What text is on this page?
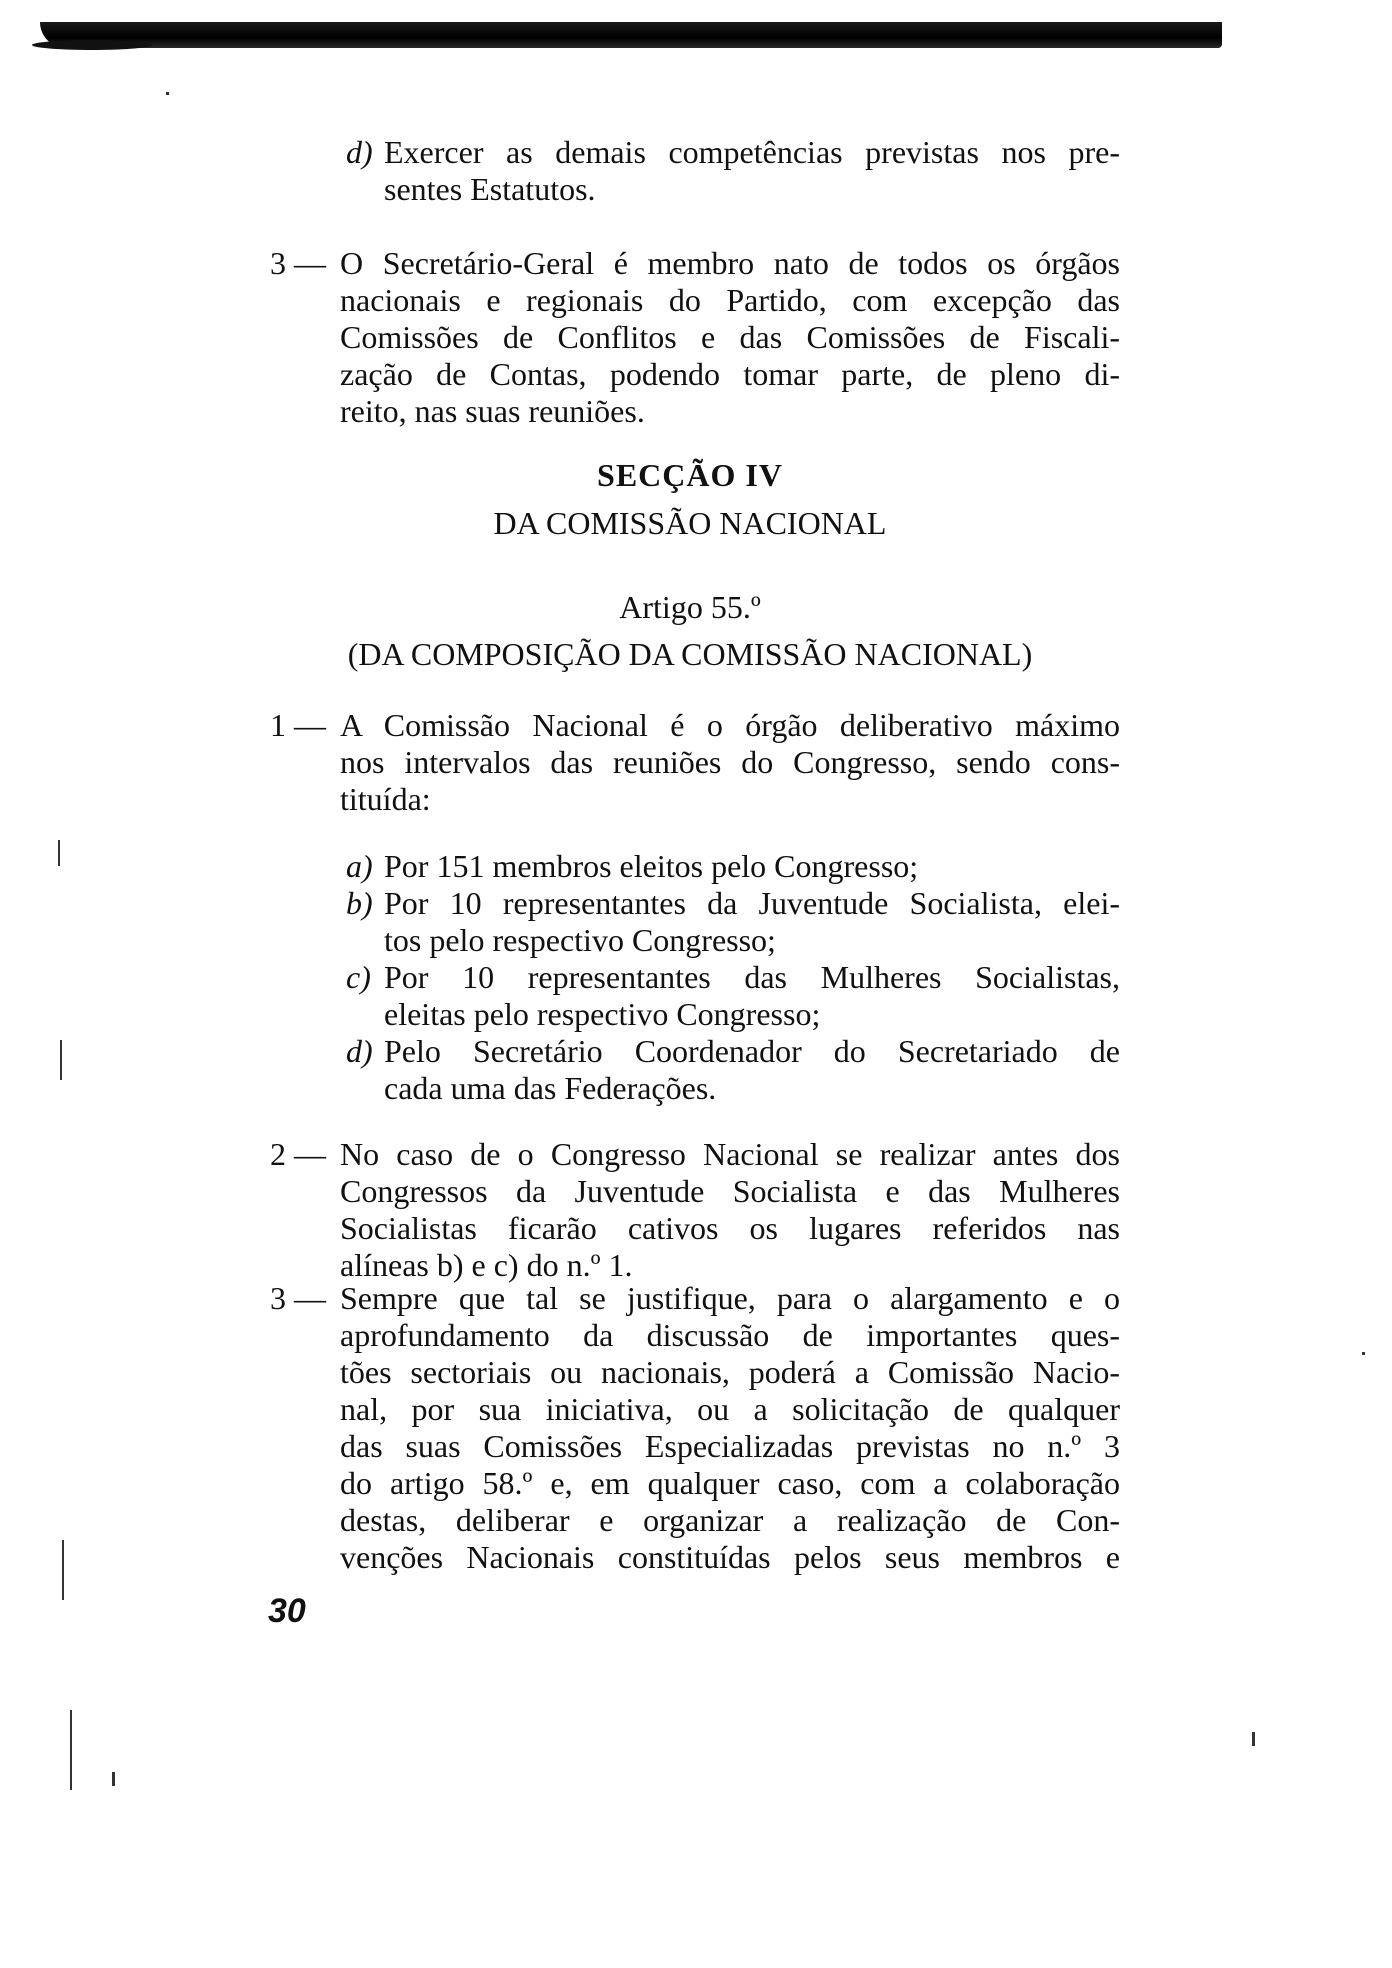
d) Exercer as demais competências previstas nos pre-
sentes Estatutos.
3 — O Secretário-Geral é membro nato de todos os órgãos
nacionais e regionais do Partido, com excepção das
Comissões de Conflitos e das Comissões de Fiscali-
zação de Contas, podendo tomar parte, de pleno di-
reito, nas suas reuniões.
SECÇÃO IV
DA COMISSÃO NACIONAL
Artigo 55.º
(DA COMPOSIÇÃO DA COMISSÃO NACIONAL)
1 — A Comissão Nacional é o órgão deliberativo máximo
nos intervalos das reuniões do Congresso, sendo cons-
tituída:
a) Por 151 membros eleitos pelo Congresso;
b) Por 10 representantes da Juventude Socialista, elei-
tos pelo respectivo Congresso;
c) Por 10 representantes das Mulheres Socialistas,
eleitas pelo respectivo Congresso;
d) Pelo Secretário Coordenador do Secretariado de
cada uma das Federações.
2 — No caso de o Congresso Nacional se realizar antes dos
Congressos da Juventude Socialista e das Mulheres
Socialistas ficarão cativos os lugares referidos nas
alíneas b) e c) do n.º 1.
3 — Sempre que tal se justifique, para o alargamento e o
aprofundamento da discussão de importantes ques-
tões sectoriais ou nacionais, poderá a Comissão Nacio-
nal, por sua iniciativa, ou a solicitação de qualquer
das suas Comissões Especializadas previstas no n.º 3
do artigo 58.º e, em qualquer caso, com a colaboração
destas, deliberar e organizar a realização de Con-
venções Nacionais constituídas pelos seus membros e
30
